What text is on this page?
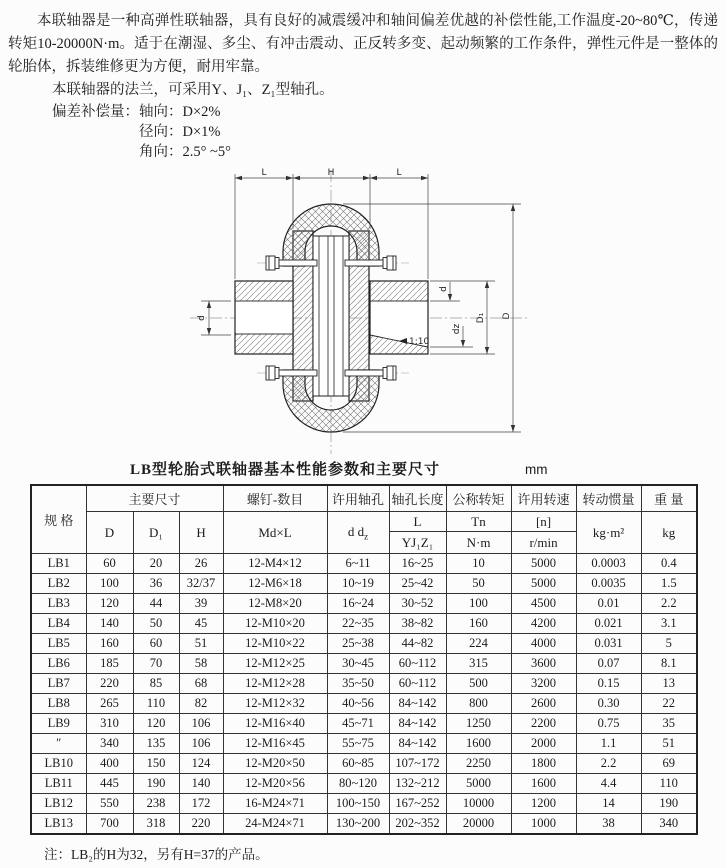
本联轴器是一种高弹性联轴器，具有良好的减震缓冲和轴间偏差优越的补偿性能,工作温度-20~80℃，传递转矩10-20000N·m。适于在潮湿、多尘、有冲击震动、正反转多变、起动频繁的工作条件，弹性元件是一整体的轮胎体，拆装维修更为方便，耐用牢靠。

本联轴器的法兰，可采用Y、J₁、Z₁型轴孔。

偏差补偿量： 轴向：D×2%
径向：D×1%
角向：2.5° ~5°
1:10
L	H	L
d
d
dz
D₁ D
LB型轮胎式联轴器基本性能参数和主要尺寸	mm
规 格	主要尺寸			螺钉-数目	许用轴孔	轴孔长度	公称转矩	许用转速	转动惯量	重 量
	D	D₁	H	Md×L	d $d_z$	L	Tn	[n]	kg·m²	kg
						YJ₁Z₁	N·m	r/min		
LB1	60	20	26	12-M4×12	6~11	16~25	10	5000	0.0003	0.4
LB2	100	36	32/37	12-M6×18	10~19	25~42	50	5000	0.0035	1.5
LB3	120	44	39	12-M8×20	16~24	30~52	100	4500	0.01	2.2
LB4	140	50	45	12-M10×20	22~35	38~82	160	4200	0.021	3.1
LB5	160	60	51	12-M10×22	25~38	44~82	224	4000	0.031	5
LB6	185	70	58	12-M12×25	30~45	60~112	315	3600	0.07	8.1
LB7	220	85	68	12-M12×28	35~50	60~112	500	3200	0.15	13
LB8	265	110	82	12-M12×32	40~56	84~142	800	2600	0.30	22
LB9	310	120	106	12-M16×40	45~71	84~142	1250	2200	0.75	35
″	340	135	106	12-M16×45	55~75	84~142	1600	2000	1.1	51
LB10	400	150	124	12-M20×50	60~85	107~172	2250	1800	2.2	69
LB11	445	190	140	12-M20×56	80~120	132~212	5000	1600	4.4	110
LB12	550	238	172	16-M24×71	100~150	167~252	10000	1200	14	190
LB13	700	318	220	24-M24×71	130~200	202~352	20000	1000	38	340

注：LB₂的H为32，另有H=37的产品。
